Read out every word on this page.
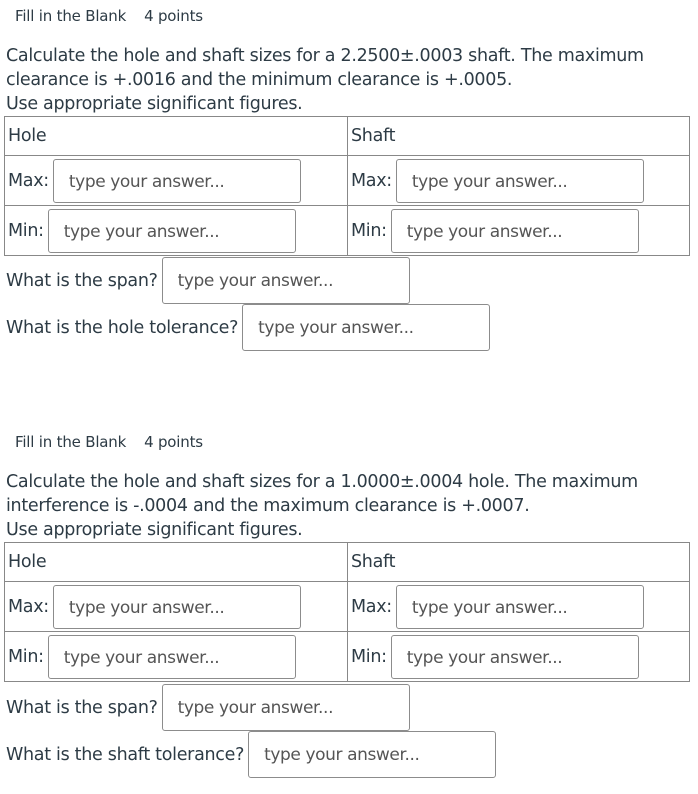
Fill in the Blank 4 points
Calculate the hole and shaft sizes for a 2.2500±.0003 shaft. The maximum
clearance is +.0016 and the minimum clearance is +.0005.
Use appropriate significant figures.
Hole	Shaft

Max: type your answer...	Max: type your answer...

Min: type your answer...	Min: type your answer...
What is the span?	type your answer...
What is the hole tolerance?	type your answer...
Fill in the Blank 4 points
Calculate the hole and shaft sizes for a 1.0000±.0004 hole. The maximum
interference is -.0004 and the maximum clearance is +.0007.
Use appropriate significant figures.
Hole	Shaft

Max: type your answer...	Max: type your answer...

Min: type your answer...	Min: type your answer...
What is the span?	type your answer...
What is the shaft tolerance?	type your answer...
